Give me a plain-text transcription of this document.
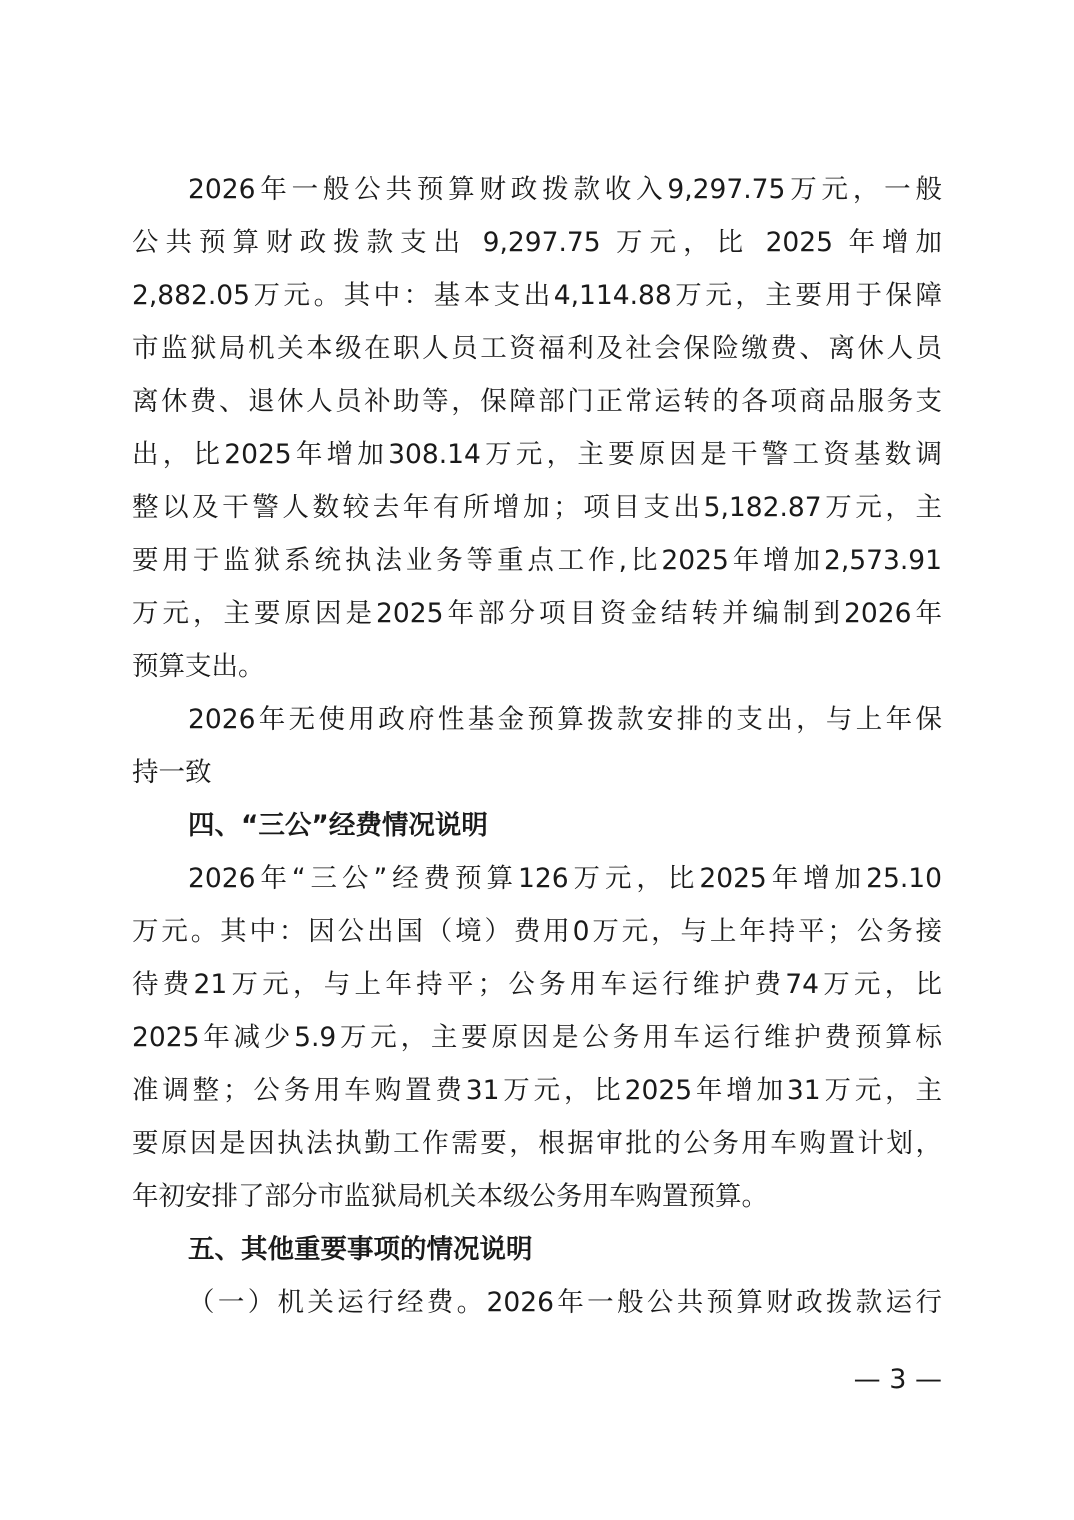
2026年一般公共预算财政拨款收入9,297.75万元，一般
公共预算财政拨款支出 9,297.75 万元，比 2025 年增加
2,882.05万元。其中：基本支出4,114.88万元，主要用于保障
市监狱局机关本级在职人员工资福利及社会保险缴费、离休人员
离休费、退休人员补助等，保障部门正常运转的各项商品服务支
出，比2025年增加308.14万元，主要原因是干警工资基数调
整以及干警人数较去年有所增加；项目支出5,182.87万元，主
要用于监狱系统执法业务等重点工作,比2025年增加2,573.91
万元，主要原因是2025年部分项目资金结转并编制到2026年
预算支出。
2026年无使用政府性基金预算拨款安排的支出，与上年保
持一致
四、“三公”经费情况说明
2026年“三公”经费预算126万元，比2025年增加25.10
万元。其中：因公出国（境）费用0万元，与上年持平；公务接
待费21万元，与上年持平；公务用车运行维护费74万元，比
2025年减少5.9万元，主要原因是公务用车运行维护费预算标
准调整；公务用车购置费31万元，比2025年增加31万元，主
要原因是因执法执勤工作需要，根据审批的公务用车购置计划，
年初安排了部分市监狱局机关本级公务用车购置预算。
五、其他重要事项的情况说明
（一）机关运行经费。2026年一般公共预算财政拨款运行
— 3 —
